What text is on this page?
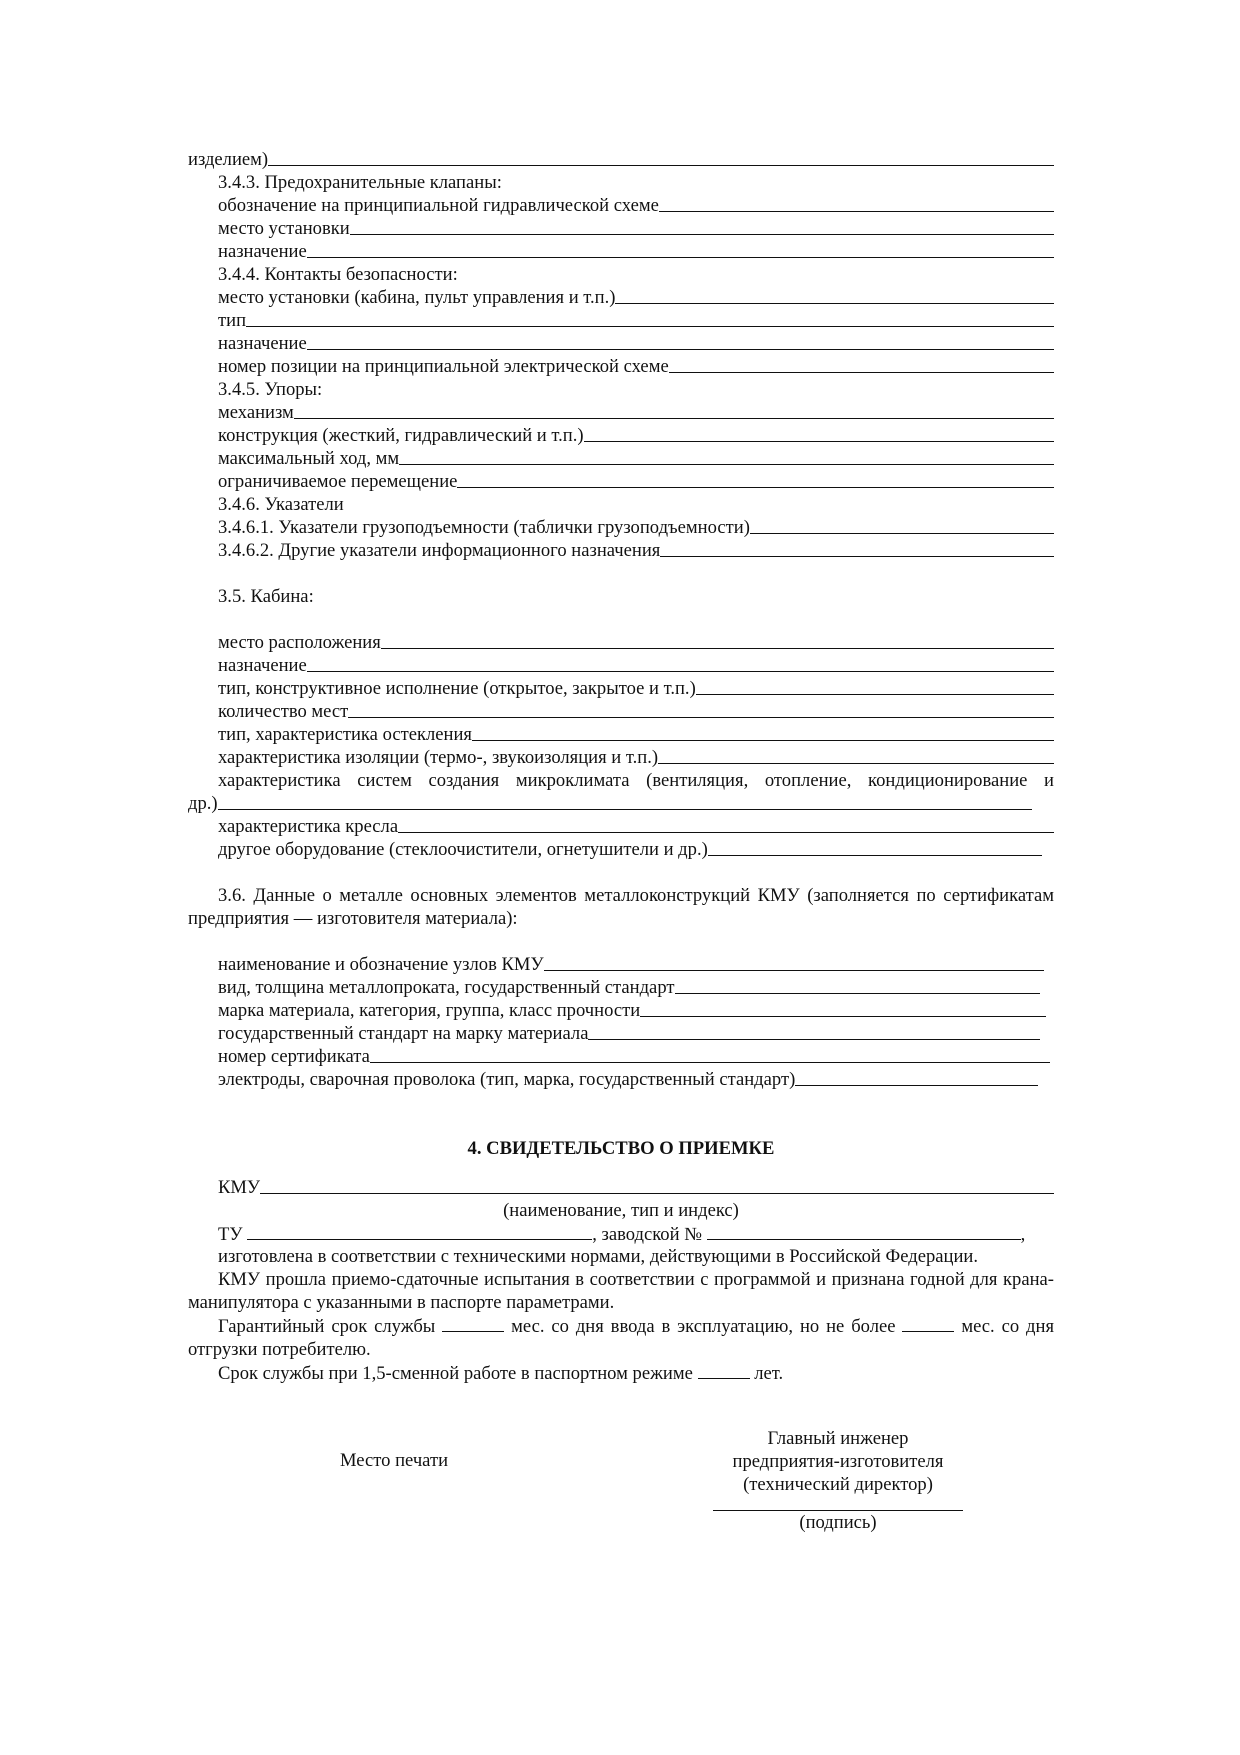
изделием)
3.4.3. Предохранительные клапаны:
обозначение на принципиальной гидравлической схеме
место установки
назначение
3.4.4. Контакты безопасности:
место установки (кабина, пульт управления и т.п.)
тип
назначение
номер позиции на принципиальной электрической схеме
3.4.5. Упоры:
механизм
конструкция (жесткий, гидравлический и т.п.)
максимальный ход, мм
ограничиваемое перемещение
3.4.6. Указатели
3.4.6.1. Указатели грузоподъемности (таблички грузоподъемности)
3.4.6.2. Другие указатели информационного назначения
3.5. Кабина:
место расположения
назначение
тип, конструктивное исполнение (открытое, закрытое и т.п.)
количество мест
тип, характеристика остекления
характеристика изоляции (термо-, звукоизоляция и т.п.)
характеристика систем создания микроклимата (вентиляция, отопление, кондиционирование и
др.)
характеристика кресла
другое оборудование (стеклоочистители, огнетушители и др.)
3.6. Данные о металле основных элементов металлоконструкций КМУ (заполняется по сертификатам предприятия — изготовителя материала):
наименование и обозначение узлов КМУ
вид, толщина металлопроката, государственный стандарт
марка материала, категория, группа, класс прочности
государственный стандарт на марку материала
номер сертификата
электроды, сварочная проволока (тип, марка, государственный стандарт)
4. СВИДЕТЕЛЬСТВО О ПРИЕМКЕ
КМУ
(наименование, тип и индекс)
ТУ	, заводской №	,
изготовлена в соответствии с техническими нормами, действующими в Российской Федерации.
КМУ прошла приемо-сдаточные испытания в соответствии с программой и признана годной для крана-манипулятора с указанными в паспорте параметрами.
Гарантийный срок службы	мес. со дня ввода в эксплуатацию, но не более	мес. со дня отгрузки потребителю.
Срок службы при 1,5-сменной работе в паспортном режиме	лет.
Место печати
Главный инженер
предприятия-изготовителя
(технический директор)
(подпись)
